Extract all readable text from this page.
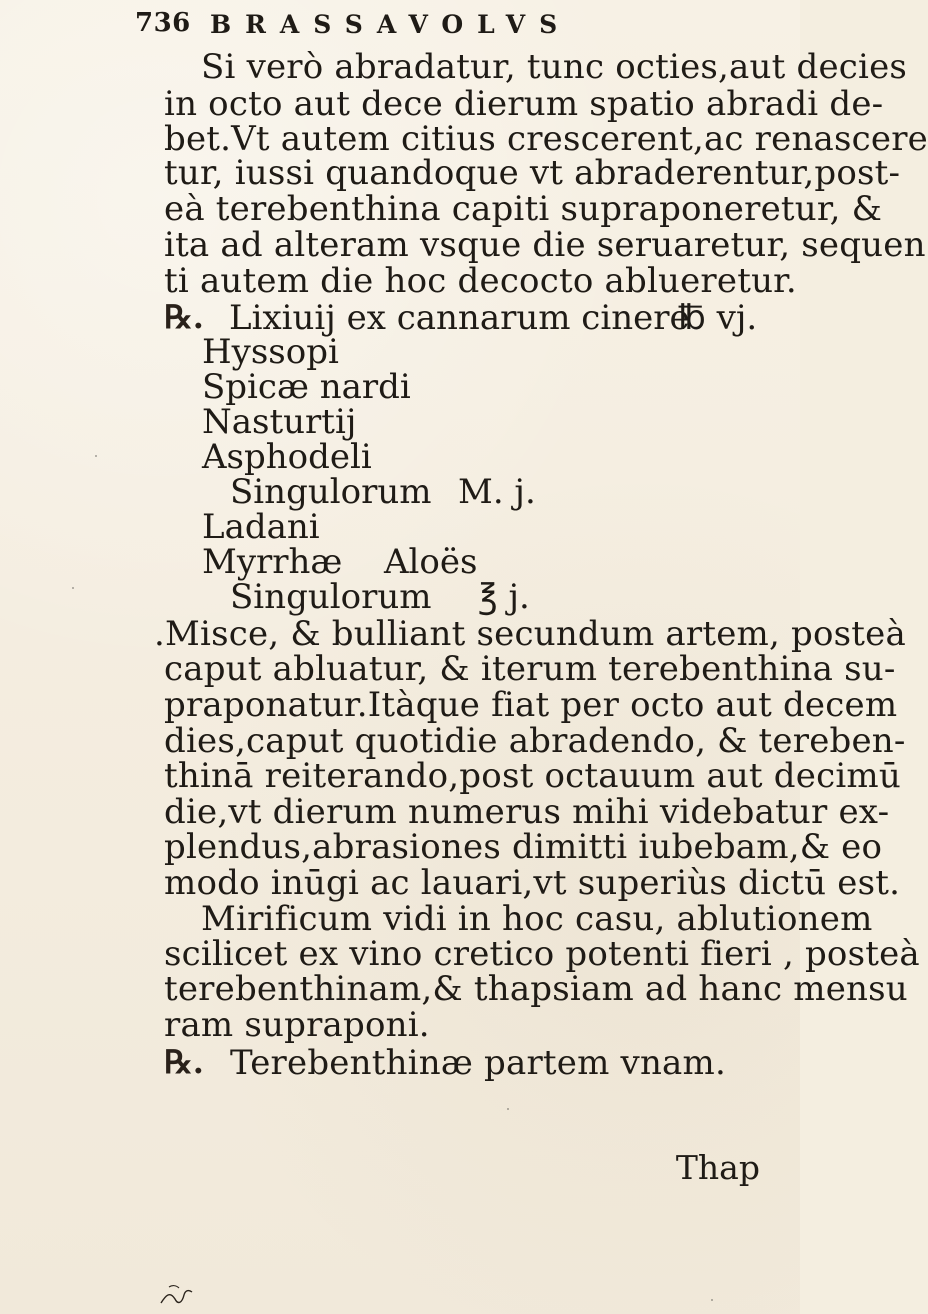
736 BRASSAVOLVS
Si verò abradatur, tunc octies,aut decies
in octo aut dece dierum spatio abradi de-
bet.Vt autem citius crescerent,ac renascere
tur, iussi quandoque vt abraderentur,post-
eà terebenthina capiti supraponeretur, &
ita ad alteram vsque die seruaretur, sequen
ti autem die hoc decocto ablueretur.
℞. Lixiuij ex cannarum cinere
℔ vj.
Hyssopi
Spicæ nardi
Nasturtij
Asphodeli
Singulorum M. j.
Ladani
Myrrhæ Aloës
Singulorum ℥ j.
.Misce, & bulliant secundum artem, posteà
caput abluatur, & iterum terebenthina su-
praponatur.Itàque fiat per octo aut decem
dies,caput quotidie abradendo, & tereben-
thinā reiterando,post octauum aut decimū
die,vt dierum numerus mihi videbatur ex-
plendus,abrasiones dimitti iubebam,& eo
modo inūgi ac lauari,vt superiùs dictū est.
Mirificum vidi in hoc casu, ablutionem
scilicet ex vino cretico potenti fieri , posteà
terebenthinam,& thapsiam ad hanc mensu
ram supraponi.
℞. Terebenthinæ partem vnam.
Thap
